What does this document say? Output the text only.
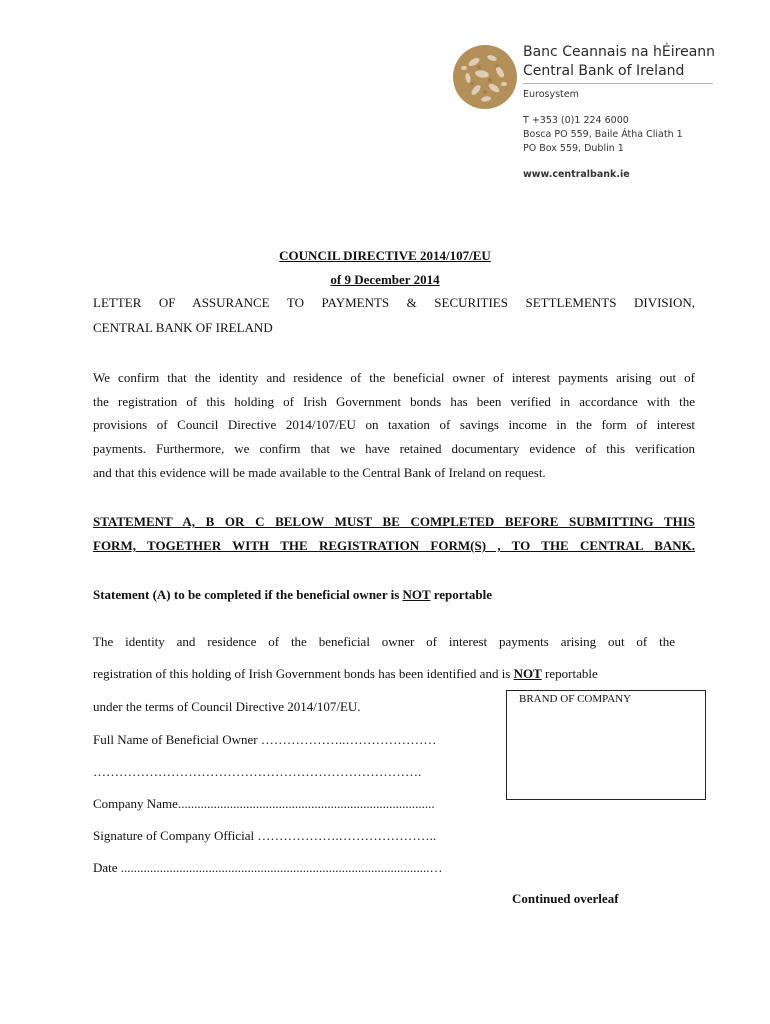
Banc Ceannais na hÉireann
Central Bank of Ireland
Eurosystem
T +353 (0)1 224 6000
Bosca PO 559, Baile Átha Cliath 1
PO Box 559, Dublin 1
www.centralbank.ie
COUNCIL DIRECTIVE 2014/107/EU
of 9 December 2014
LETTER OF ASSURANCE TO PAYMENTS & SECURITIES SETTLEMENTS DIVISION,
CENTRAL BANK OF IRELAND
We confirm that the identity and residence of the beneficial owner of interest payments arising out of
the registration of this holding of Irish Government bonds has been verified in accordance with the
provisions of Council Directive 2014/107/EU on taxation of savings income in the form of interest
payments. Furthermore, we confirm that we have retained documentary evidence of this verification
and that this evidence will be made available to the Central Bank of Ireland on request.
STATEMENT A, B OR C BELOW MUST BE COMPLETED BEFORE SUBMITTING THIS
FORM, TOGETHER WITH THE REGISTRATION FORM(S) , TO THE CENTRAL BANK.
Statement (A) to be completed if the beneficial owner is NOT reportable
The identity and residence of the beneficial owner of interest payments arising out of the
registration of this holding of Irish Government bonds has been identified and is NOT reportable
under the terms of Council Directive 2014/107/EU.	BRAND OF COMPANY
Full Name of Beneficial Owner ………………..…………………
………………………………………………………………….
Company Name...............................................................................
Signature of Company Official ……………….…………………..
Date ...............................................................................................…
Continued overleaf
